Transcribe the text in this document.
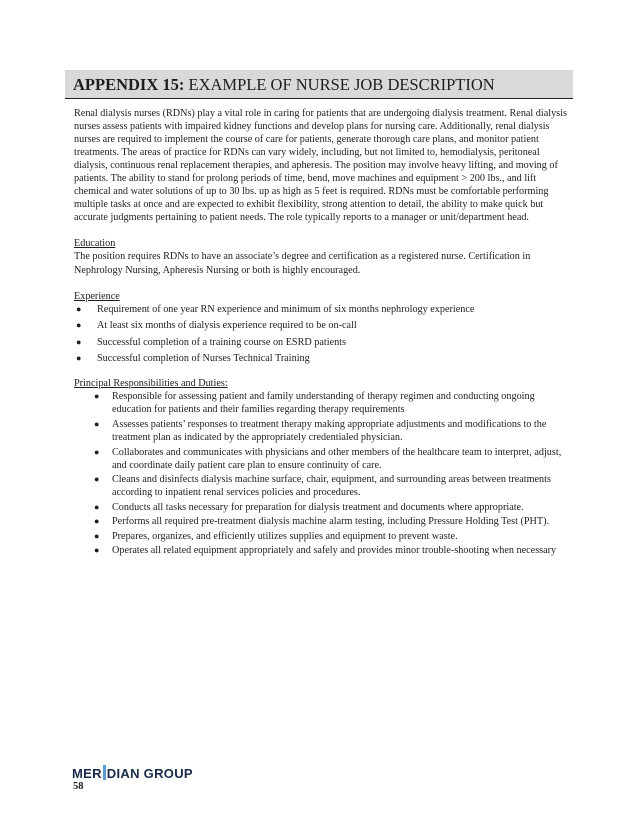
APPENDIX 15: EXAMPLE OF NURSE JOB DESCRIPTION

Renal dialysis nurses (RDNs) play a vital role in caring for patients that are undergoing dialysis treatment. Renal dialysis nurses assess patients with impaired kidney functions and develop plans for nursing care. Additionally, renal dialysis nurses are required to implement the course of care for patients, generate thorough care plans, and monitor patient treatments. The areas of practice for RDNs can vary widely, including, but not limited to, hemodialysis, peritoneal dialysis, continuous renal replacement therapies, and apheresis. The position may involve heavy lifting, and moving of patients. The ability to stand for prolong periods of time, bend, move machines and equipment > 200 lbs., and lift chemical and water solutions of up to 30 lbs. up as high as 5 feet is required. RDNs must be comfortable performing multiple tasks at once and are expected to exhibit flexibility, strong attention to detail, the ability to make quick but accurate judgments pertaining to patient needs. The role typically reports to a manager or unit/department head.

Education
The position requires RDNs to have an associate’s degree and certification as a registered nurse. Certification in Nephrology Nursing, Apheresis Nursing or both is highly encouraged.
Experience
● Requirement of one year RN experience and minimum of six months nephrology experience
● At least six months of dialysis experience required to be on-call
● Successful completion of a training course on ESRD patients
● Successful completion of Nurses Technical Training
Principal Responsibilities and Duties:
● Responsible for assessing patient and family understanding of therapy regimen and conducting ongoing education for patients and their families regarding therapy requirements
● Assesses patients’ responses to treatment therapy making appropriate adjustments and modifications to the treatment plan as indicated by the appropriately credentialed physician.
● Collaborates and communicates with physicians and other members of the healthcare team to interpret, adjust, and coordinate daily patient care plan to ensure continuity of care.
● Cleans and disinfects dialysis machine surface, chair, equipment, and surrounding areas between treatments according to inpatient renal services policies and procedures.
● Conducts all tasks necessary for preparation for dialysis treatment and documents where appropriate.
● Performs all required pre-treatment dialysis machine alarm testing, including Pressure Holding Test (PHT).
● Prepares, organizes, and efficiently utilizes supplies and equipment to prevent waste.
● Operates all related equipment appropriately and safely and provides minor trouble-shooting when necessary
MER DIAN GROUP
58
